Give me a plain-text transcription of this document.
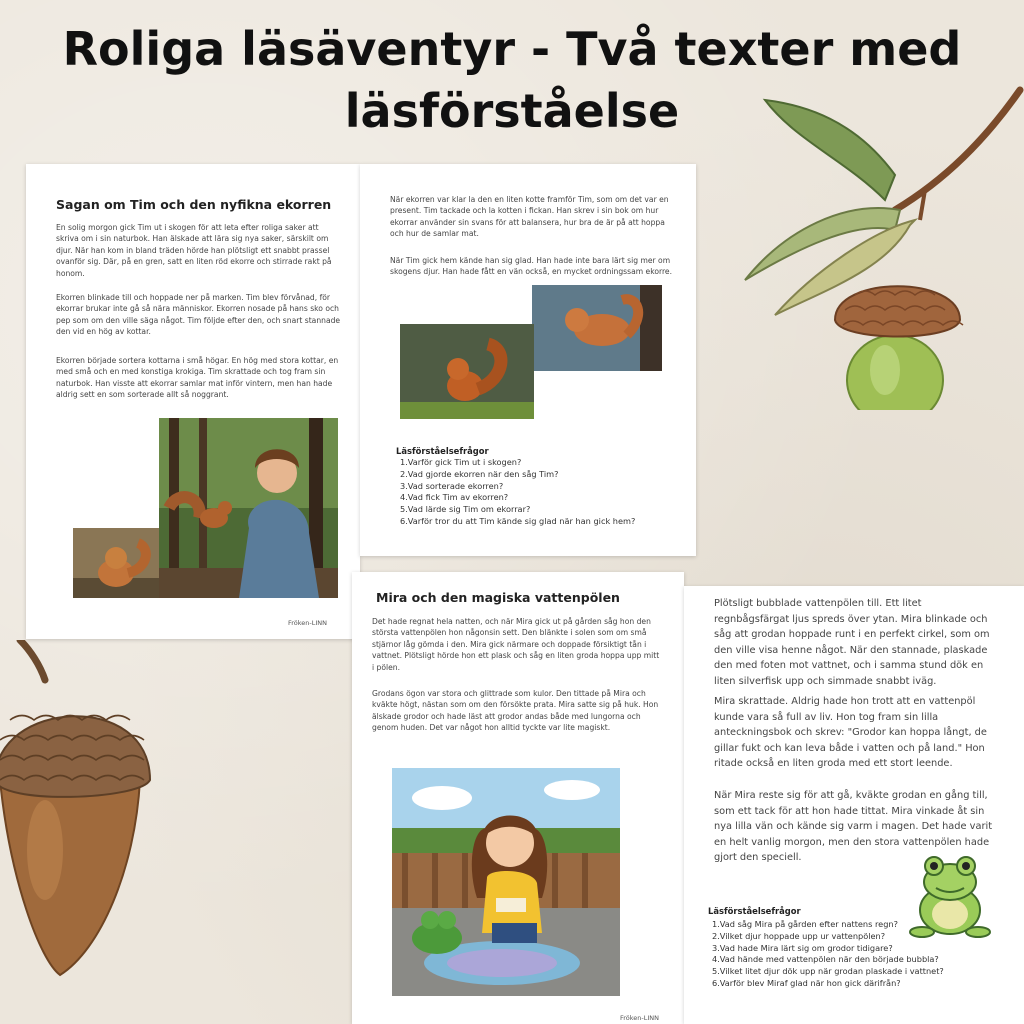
Roliga läsäventyr - Två texter med
läsförståelse
Sagan om Tim och den nyfikna ekorren
En solig morgon gick Tim ut i skogen för att leta efter roliga saker att skriva om i sin naturbok. Han älskade att lära sig nya saker, särskilt om djur. När han kom in bland träden hörde han plötsligt ett snabbt prassel ovanför sig. Där, på en gren, satt en liten röd ekorre och stirrade rakt på honom.
Ekorren blinkade till och hoppade ner på marken. Tim blev förvånad, för ekorrar brukar inte gå så nära människor. Ekorren nosade på hans sko och pep som om den ville säga något. Tim följde efter den, och snart stannade den vid en hög av kottar.
Ekorren började sortera kottarna i små högar. En hög med stora kottar, en med små och en med konstiga krokiga. Tim skrattade och tog fram sin naturbok. Han visste att ekorrar samlar mat inför vintern, men han hade aldrig sett en som sorterade allt så noggrant.
Fröken-LINN
När ekorren var klar la den en liten kotte framför Tim, som om det var en present. Tim tackade och la kotten i fickan. Han skrev i sin bok om hur ekorrar använder sin svans för att balansera, hur bra de är på att hoppa och hur de samlar mat.
När Tim gick hem kände han sig glad. Han hade inte bara lärt sig mer om skogens djur. Han hade fått en vän också, en mycket ordningssam ekorre.
Läsförståelsefrågor
1.Varför gick Tim ut i skogen?
2.Vad gjorde ekorren när den såg Tim?
3.Vad sorterade ekorren?
4.Vad fick Tim av ekorren?
5.Vad lärde sig Tim om ekorrar?
6.Varför tror du att Tim kände sig glad när han gick hem?
Mira och den magiska vattenpölen
Det hade regnat hela natten, och när Mira gick ut på gården såg hon den största vattenpölen hon någonsin sett. Den blänkte i solen som om små stjärnor låg gömda i den. Mira gick närmare och doppade försiktigt tån i vattnet. Plötsligt hörde hon ett plask och såg en liten groda hoppa upp mitt i pölen.
Grodans ögon var stora och glittrade som kulor. Den tittade på Mira och kväkte högt, nästan som om den försökte prata. Mira satte sig på huk. Hon älskade grodor och hade läst att grodor andas både med lungorna och genom huden. Det var något hon alltid tyckte var lite magiskt.
Fröken-LINN
Plötsligt bubblade vattenpölen till. Ett litet regnbågsfärgat ljus spreds över ytan. Mira blinkade och såg att grodan hoppade runt i en perfekt cirkel, som om den ville visa henne något. När den stannade, plaskade den med foten mot vattnet, och i samma stund dök en liten silverfisk upp och simmade snabbt iväg.
Mira skrattade. Aldrig hade hon trott att en vattenpöl kunde vara så full av liv. Hon tog fram sin lilla anteckningsbok och skrev: "Grodor kan hoppa långt, de gillar fukt och kan leva både i vatten och på land." Hon ritade också en liten groda med ett stort leende.
När Mira reste sig för att gå, kväkte grodan en gång till, som ett tack för att hon hade tittat. Mira vinkade åt sin nya lilla vän och kände sig varm i magen. Det hade varit en helt vanlig morgon, men den stora vattenpölen hade gjort den speciell.
Läsförståelsefrågor
1.Vad såg Mira på gården efter nattens regn?
2.Vilket djur hoppade upp ur vattenpölen?
3.Vad hade Mira lärt sig om grodor tidigare?
4.Vad hände med vattenpölen när den började bubbla?
5.Vilket litet djur dök upp när grodan plaskade i vattnet?
6.Varför blev Miraf glad när hon gick därifrån?
